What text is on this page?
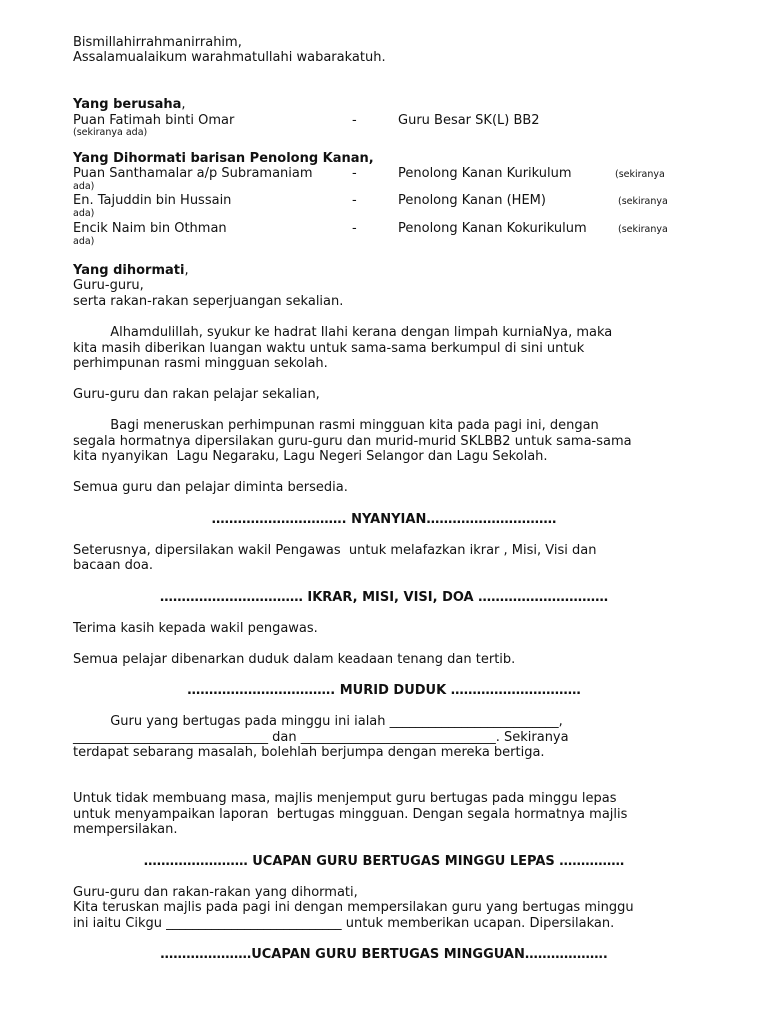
Bismillahirrahmanirrahim,
Assalamualaikum warahmatullahi wabarakatuh.
Yang berusaha,
Puan Fatimah binti Omar	-	Guru Besar SK(L) BB2
(sekiranya ada)
Yang Dihormati barisan Penolong Kanan,
Puan Santhamalar a/p Subramaniam	-	Penolong Kanan Kurikulum	(sekiranya
ada)
En. Tajuddin bin Hussain	-	Penolong Kanan (HEM)	(sekiranya
ada)
Encik Naim bin Othman	-	Penolong Kanan Kokurikulum	(sekiranya
ada)
Yang dihormati,
Guru-guru,
serta rakan-rakan seperjuangan sekalian.
Alhamdulillah, syukur ke hadrat Ilahi kerana dengan limpah kurniaNya, maka
kita masih diberikan luangan waktu untuk sama-sama berkumpul di sini untuk
perhimpunan rasmi mingguan sekolah.
Guru-guru dan rakan pelajar sekalian,
Bagi meneruskan perhimpunan rasmi mingguan kita pada pagi ini, dengan
segala hormatnya dipersilakan guru-guru dan murid-murid SKLBB2 untuk sama-sama
kita nyanyikan  Lagu Negaraku, Lagu Negeri Selangor dan Lagu Sekolah.
Semua guru dan pelajar diminta bersedia.
…………………………. NYANYIAN…………………………
Seterusnya, dipersilakan wakil Pengawas  untuk melafazkan ikrar , Misi, Visi dan
bacaan doa.
…………………………… IKRAR, MISI, VISI, DOA …………………………
Terima kasih kepada wakil pengawas.
Semua pelajar dibenarkan duduk dalam keadaan tenang dan tertib.
……………………………. MURID DUDUK …………………………
Guru yang bertugas pada minggu ini ialah __________________________,
______________________________ dan ______________________________. Sekiranya
terdapat sebarang masalah, bolehlah berjumpa dengan mereka bertiga.
Untuk tidak membuang masa, majlis menjemput guru bertugas pada minggu lepas
untuk menyampaikan laporan  bertugas mingguan. Dengan segala hormatnya majlis
mempersilakan.
…………………… UCAPAN GURU BERTUGAS MINGGU LEPAS ……………
Guru-guru dan rakan-rakan yang dihormati,
Kita teruskan majlis pada pagi ini dengan mempersilakan guru yang bertugas minggu
ini iaitu Cikgu ___________________________ untuk memberikan ucapan. Dipersilakan.
…………………UCAPAN GURU BERTUGAS MINGGUAN……………….
